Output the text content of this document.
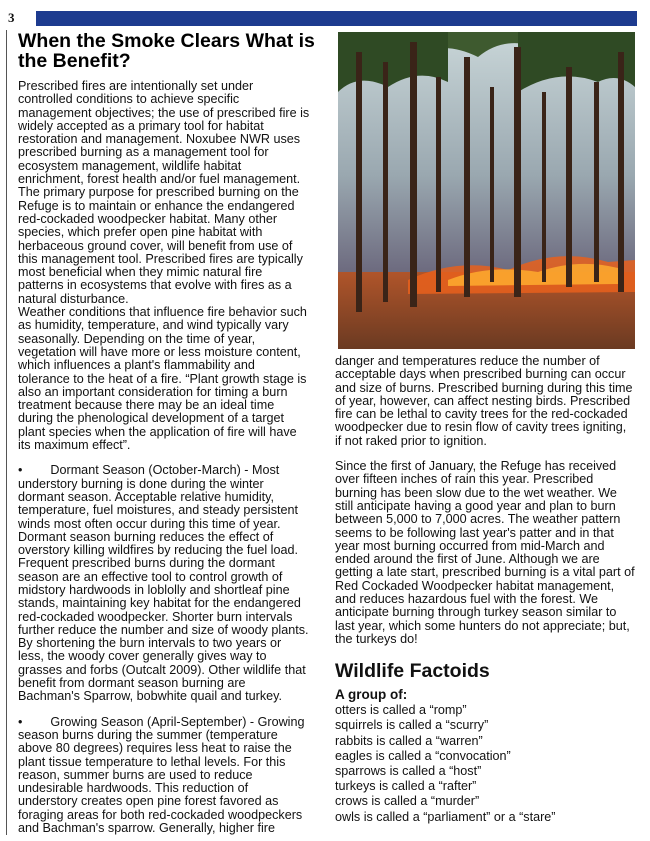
3
When the Smoke Clears What is the Benefit?

Prescribed fires are intentionally set under controlled conditions to achieve specific management objectives; the use of prescribed fire is widely accepted as a primary tool for habitat restoration and management. Noxubee NWR uses prescribed burning as a management tool for ecosystem management, wildlife habitat enrichment, forest health and/or fuel management. The primary purpose for prescribed burning on the Refuge is to maintain or enhance the endangered red-cockaded woodpecker habitat. Many other species, which prefer open pine habitat with herbaceous ground cover, will benefit from use of this management tool. Prescribed fires are typically most beneficial when they mimic natural fire patterns in ecosystems that evolve with fires as a natural disturbance.

Weather conditions that influence fire behavior such as humidity, temperature, and wind typically vary seasonally. Depending on the time of year, vegetation will have more or less moisture content, which influences a plant's flammability and tolerance to the heat of a fire. “Plant growth stage is also an important consideration for timing a burn treatment because there may be an ideal time during the phenological development of a target plant species when the application of fire will have its maximum effect”.

•        Dormant Season (October-March) - Most understory burning is done during the winter dormant season. Acceptable relative humidity, temperature, fuel moistures, and steady persistent winds most often occur during this time of year. Dormant season burning reduces the effect of overstory killing wildfires by reducing the fuel load. Frequent prescribed burns during the dormant season are an effective tool to control growth of midstory hardwoods in loblolly and shortleaf pine stands, maintaining key habitat for the endangered red-cockaded woodpecker. Shorter burn intervals further reduce the number and size of woody plants. By shortening the burn intervals to two years or less, the woody cover generally gives way to grasses and forbs (Outcalt 2009). Other wildlife that benefit from dormant season burning are Bachman's Sparrow, bobwhite quail and turkey.

•        Growing Season (April-September) - Growing season burns during the summer (temperature above 80 degrees) requires less heat to raise the plant tissue temperature to lethal levels. For this reason, summer burns are used to reduce undesirable hardwoods. This reduction of understory creates open pine forest favored as foraging areas for both red-cockaded woodpeckers and Bachman's sparrow. Generally, higher fire

danger and temperatures reduce the number of acceptable days when prescribed burning can occur and size of burns. Prescribed burning during this time of year, however, can affect nesting birds. Prescribed fire can be lethal to cavity trees for the red-cockaded woodpecker due to resin flow of cavity trees igniting, if not raked prior to ignition.

Since the first of January, the Refuge has received over fifteen inches of rain this year. Prescribed burning has been slow due to the wet weather. We still anticipate having a good year and plan to burn between 5,000 to 7,000 acres. The weather pattern seems to be following last year's patter and in that year most burning occurred from mid-March and ended around the first of June. Although we are getting a late start, prescribed burning is a vital part of Red Cockaded Woodpecker habitat management, and reduces hazardous fuel with the forest. We anticipate burning through turkey season similar to last year, which some hunters do not appreciate; but, the turkeys do!

Wildlife Factoids
A group of:

otters is called a “romp”

squirrels is called a “scurry”

rabbits is called a “warren”

eagles is called a “convocation”

sparrows is called a “host”

turkeys is called a “rafter”

crows is called a “murder”

owls is called a “parliament” or a “stare”
